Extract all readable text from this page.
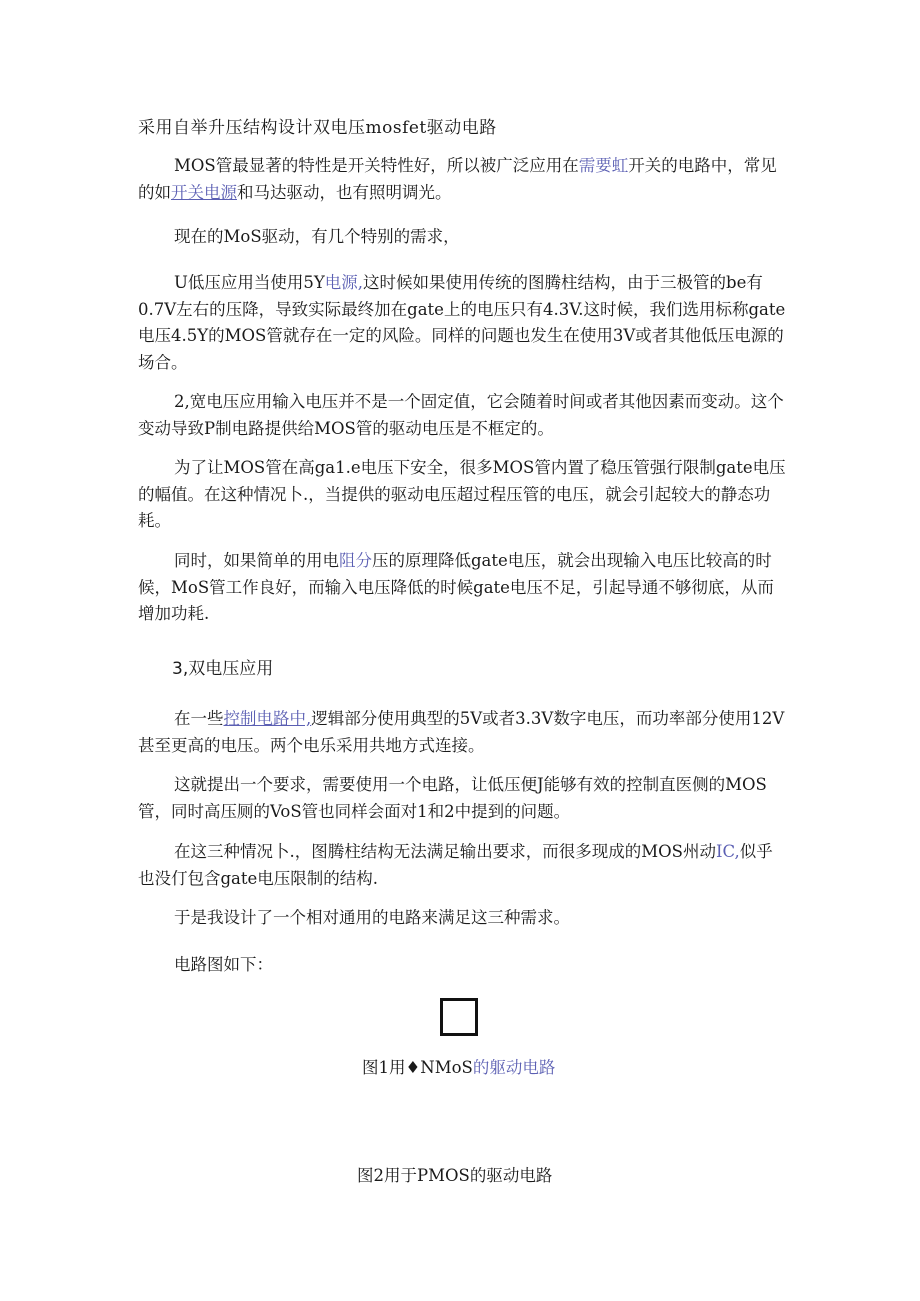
采用自举升压结构设计双电压mosfet驱动电路

MOS管最显著的特性是开关特性好，所以被广泛应用在需要虹开关的电路中，常见的如开关电源和马达驱动，也有照明调光。

现在的MoS驱动，有几个特别的需求，

U低压应用当使用5Y电源,这时候如果使用传统的图腾柱结构，由于三极管的be有0.7V左右的压降，导致实际最终加在gate上的电压只有4.3V.这时候，我们选用标称gate电压4.5Y的MOS管就存在一定的风险。同样的问题也发生在使用3V或者其他低压电源的场合。

2,宽电压应用输入电压并不是一个固定值，它会随着时间或者其他因素而变动。这个变动导致P制电路提供给MOS管的驱动电压是不框定的。

为了让MOS管在高ga1.e电压下安全，很多MOS管内置了稳压管强行限制gate电压的幅值。在这种情况卜.，当提供的驱动电压超过程压管的电压，就会引起较大的静态功耗。

同时，如果简单的用电阻分压的原理降低gate电压，就会出现输入电压比较高的时候，MoS管工作良好，而输入电压降低的时候gate电压不足，引起导通不够彻底，从而增加功耗.

3,双电压应用

在一些控制电路中,逻辑部分使用典型的5V或者3.3V数字电压，而功率部分使用12V甚至更高的电压。两个电乐采用共地方式连接。

这就提出一个要求，需要使用一个电路，让低压便J能够有效的控制直医侧的MOS管，同时高压厕的VoS管也同样会面对1和2中提到的问题。

在这三种情况卜.，图腾柱结构无法满足输出要求，而很多现成的MOS州动IC,似乎也没仃包含gate电压限制的结构.

于是我设计了一个相对通用的电路来满足这三种需求。

电路图如下：

图1用♦NMoS的躯动电路
图2用于PMOS的驱动电路
